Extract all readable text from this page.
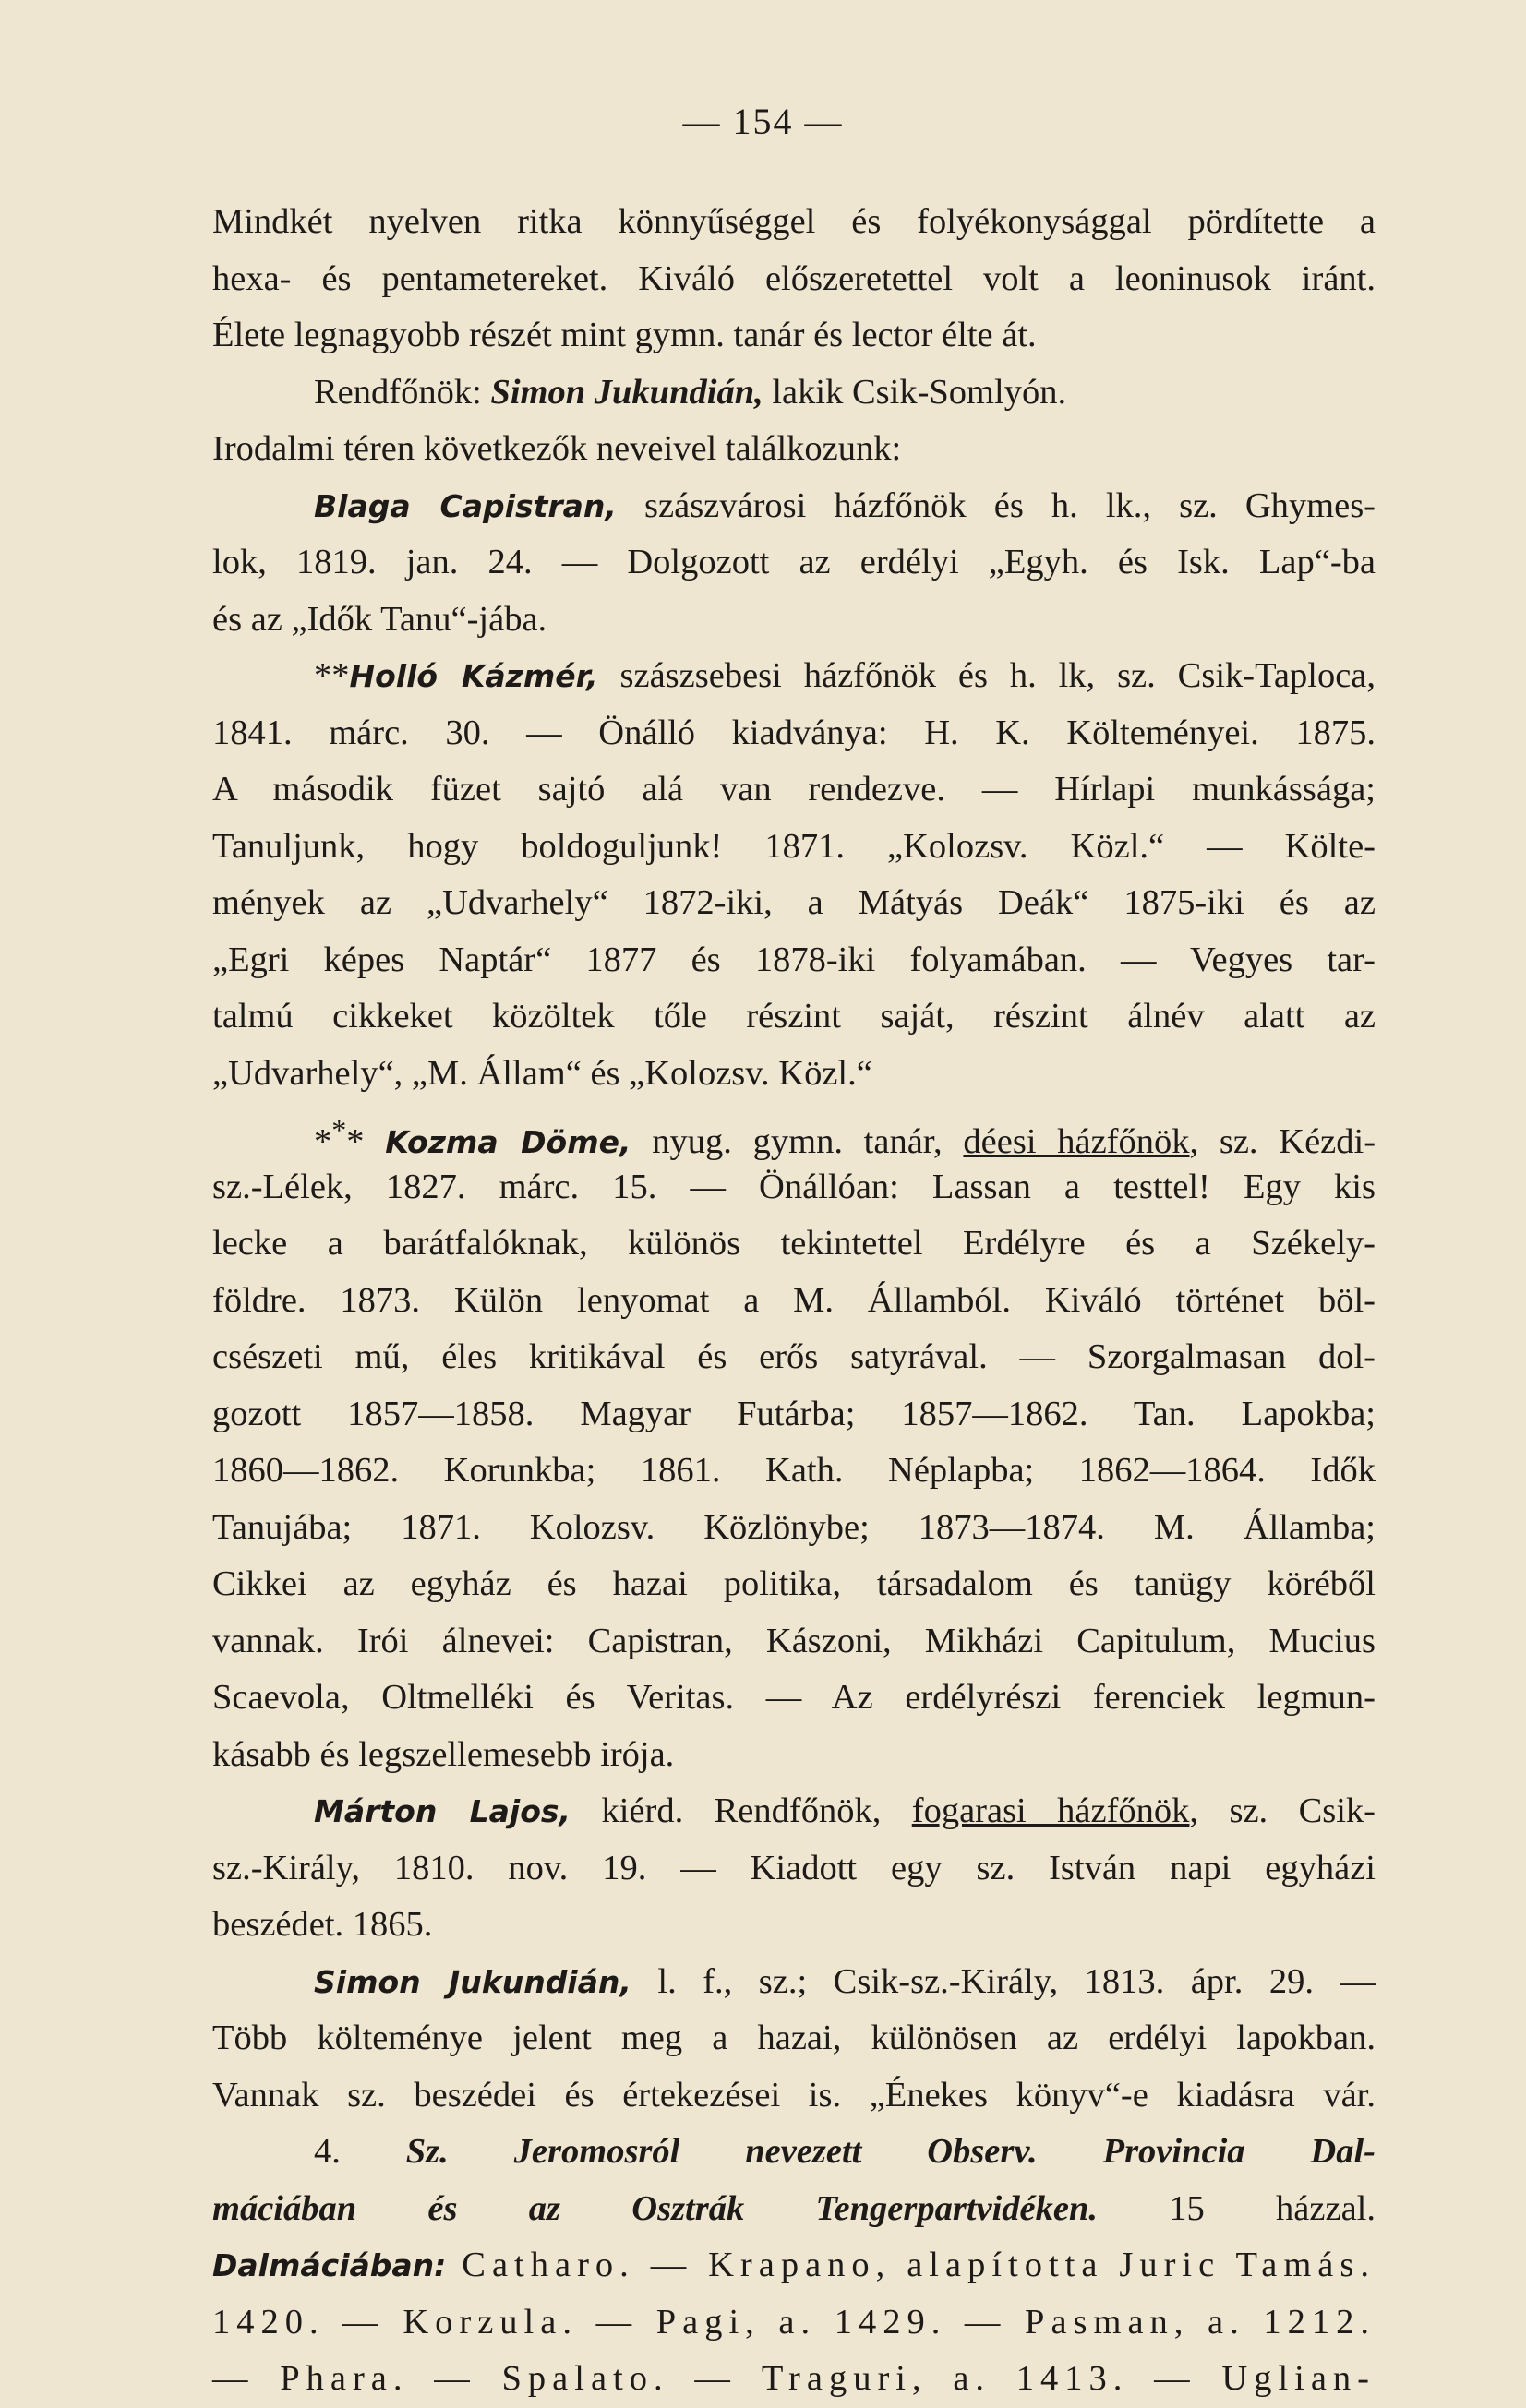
— 154 —
Mindkét nyelven ritka könnyűséggel és folyékonysággal pördítette a
hexa- és pentametereket. Kiváló előszeretettel volt a leoninusok iránt.
Élete legnagyobb részét mint gymn. tanár és lector élte át.
Rendfőnök: Simon Jukundián, lakik Csik-Somlyón.
Irodalmi téren következők neveivel találkozunk:
Blaga Capistran, szászvárosi házfőnök és h. lk., sz. Ghymes-
lok, 1819. jan. 24. — Dolgozott az erdélyi „Egyh. és Isk. Lap“-ba
és az „Idők Tanu“-jába.
**Holló Kázmér, szászsebesi házfőnök és h. lk, sz. Csik-Taploca,
1841. márc. 30. — Önálló kiadványa: H. K. Költeményei. 1875.
A második füzet sajtó alá van rendezve. — Hírlapi munkássága;
Tanuljunk, hogy boldoguljunk! 1871. „Kolozsv. Közl.“ — Költe-
mények az „Udvarhely“ 1872-iki, a Mátyás Deák“ 1875-iki és az
„Egri képes Naptár“ 1877 és 1878-iki folyamában. — Vegyes tar-
talmú cikkeket közöltek tőle részint saját, részint álnév alatt az
„Udvarhely“, „M. Állam“ és „Kolozsv. Közl.“
*** Kozma Döme, nyug. gymn. tanár, déesi házfőnök, sz. Kézdi-
sz.-Lélek, 1827. márc. 15. — Önállóan: Lassan a testtel! Egy kis
lecke a barátfalóknak, különös tekintettel Erdélyre és a Székely-
földre. 1873. Külön lenyomat a M. Államból. Kiváló történet böl-
csészeti mű, éles kritikával és erős satyrával. — Szorgalmasan dol-
gozott 1857—1858. Magyar Futárba; 1857—1862. Tan. Lapokba;
1860—1862. Korunkba; 1861. Kath. Néplapba; 1862—1864. Idők
Tanujába; 1871. Kolozsv. Közlönybe; 1873—1874. M. Államba;
Cikkei az egyház és hazai politika, társadalom és tanügy köréből
vannak. Irói álnevei: Capistran, Kászoni, Mikházi Capitulum, Mucius
Scaevola, Oltmelléki és Veritas. — Az erdélyrészi ferenciek legmun-
kásabb és legszellemesebb irója.
Márton Lajos, kiérd. Rendfőnök, fogarasi házfőnök, sz. Csik-
sz.-Király, 1810. nov. 19. — Kiadott egy sz. István napi egyházi
beszédet. 1865.
Simon Jukundián, l. f., sz.; Csik-sz.-Király, 1813. ápr. 29. —
Több költeménye jelent meg a hazai, különösen az erdélyi lapokban.
Vannak sz. beszédei és értekezései is. „Énekes könyv“-e kiadásra vár.
4. Sz. Jeromosról nevezett Observ. Provincia Dal-
máciában és az Osztrák Tengerpartvidéken. 15 házzal.
Dalmáciában: Catharo. — Krapano, alapította Juric Tamás.
1420. — Korzula. — Pagi, a. 1429. — Pasman, a. 1212.
— Phara. — Spalato. — Traguri, a. 1413. — Uglian-
